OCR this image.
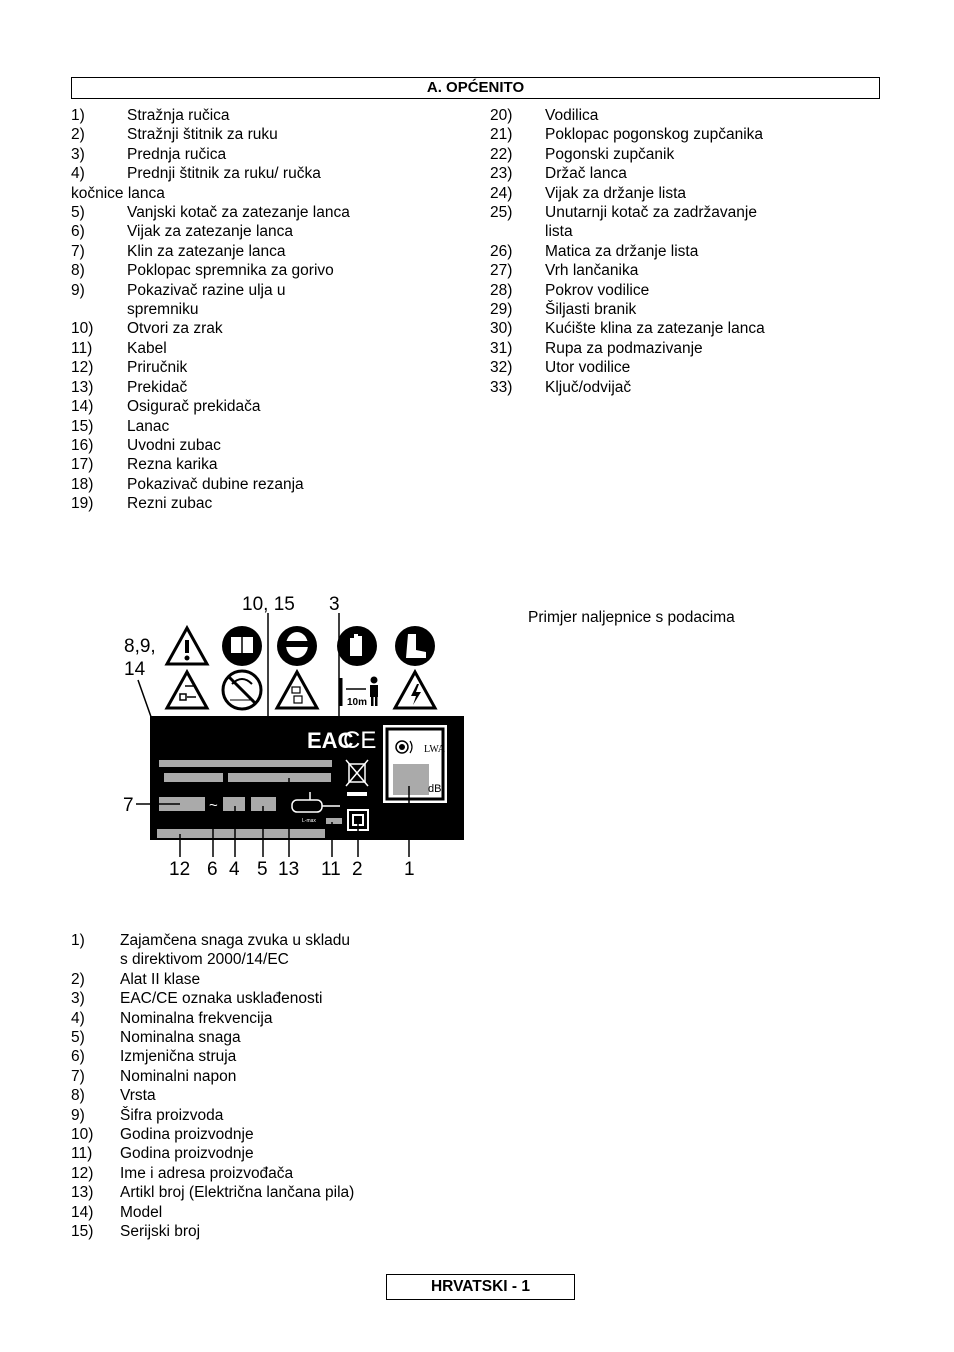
A. OPĆENITO
1)	Stražnja ručica
2)	Stražnji štitnik za ruku
3)	Prednja ručica
4)	Prednji štitnik za ruku/ ručka
kočnice lanca
5)	Vanjski kotač za zatezanje lanca
6)	Vijak za zatezanje lanca
7)	Klin za zatezanje lanca
8)	Poklopac spremnika za gorivo
9)	Pokazivač razine ulja u
spremniku
10)	Otvori za zrak
11)	Kabel
12)	Priručnik
13)	Prekidač
14)	Osigurač prekidača
15)	Lanac
16)	Uvodni zubac
17)	Rezna karika
18)	Pokazivač dubine rezanja
19)	Rezni zubac
20)	Vodilica
21)	Poklopac pogonskog zupčanika
22)	Pogonski zupčanik
23)	Držač lanca
24)	Vijak za držanje lista
25)	Unutarnji kotač za zadržavanje
lista
26)	Matica za držanje lista
27)	Vrh lančanika
28)	Pokrov vodilice
29)	Šiljasti branik
30)	Kućište klina za zatezanje lanca
31)	Rupa za podmazivanje
32)	Utor vodilice
33)	Ključ/odvijač
10, 15 3
8,9,
14
10m
EAC
CE
~
L-max
dB
LWA
7
12 6 4 5 13 11 2 1
Primjer naljepnice s podacima
1)	Zajamčena snaga zvuka u skladu
s direktivom 2000/14/EC
2)	Alat II klase
3)	EAC/CE oznaka usklađenosti
4)	Nominalna frekvencija
5)	Nominalna snaga
6)	Izmjenična struja
7)	Nominalni napon
8)	Vrsta
9)	Šifra proizvoda
10)	Godina proizvodnje
11)	Godina proizvodnje
12)	Ime i adresa proizvođača
13)	Artikl broj (Električna lančana pila)
14)	Model
15)	Serijski broj
HRVATSKI - 1
